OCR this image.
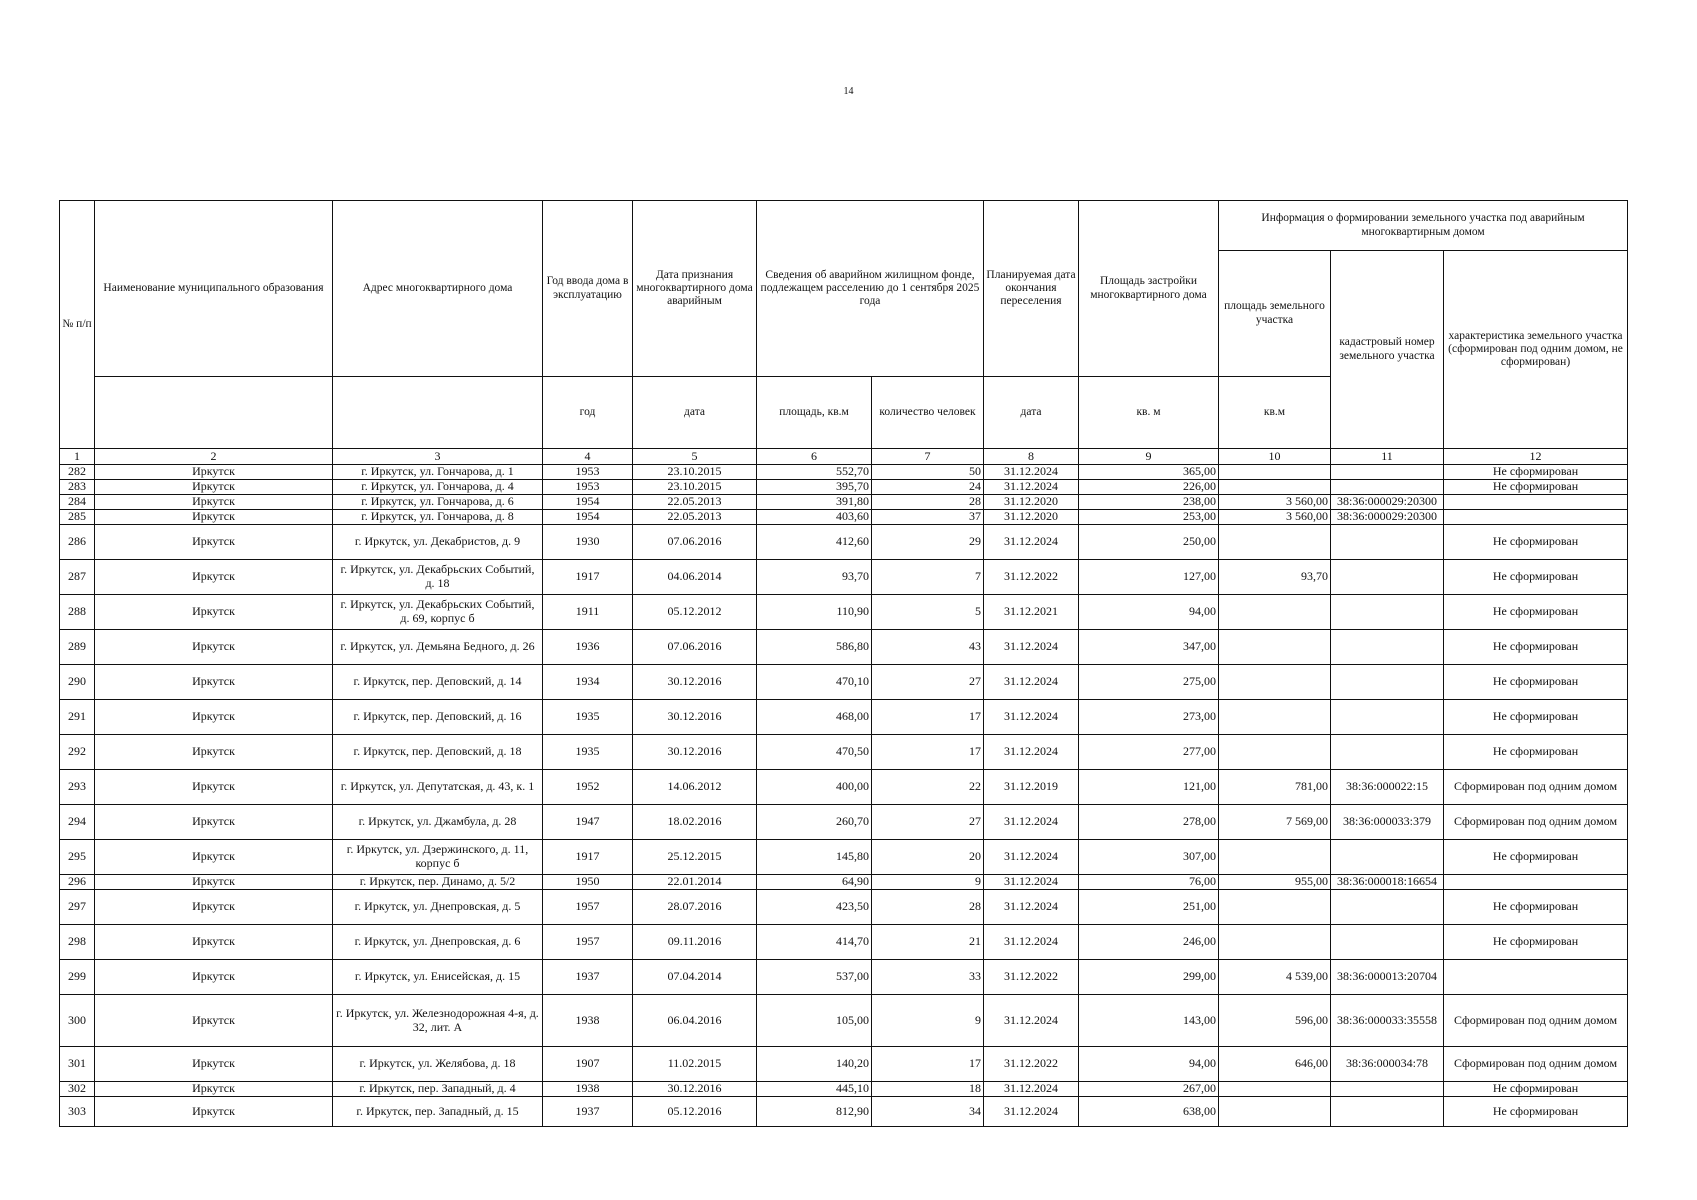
14
№ п/п	Наименование муниципального образования	Адрес многоквартирного дома	Год ввода дома в эксплуатацию	Дата признания многоквартирного дома аварийным	Сведения об аварийном жилищном фонде, подлежащем расселению до 1 сентября 2025 года		Планируемая дата окончания переселения	Площадь застройки многоквартирного дома	Информация о формировании земельного участка под аварийным многоквартирным домом		
									площадь земельного участка	кадастровый номер земельного участка	характеристика земельного участка (сформирован под одним домом, не сформирован)
			год	дата	площадь, кв.м	количество человек	дата	кв. м	кв.м		
1	2	3	4	5	6	7	8	9	10	11	12
282	Иркутск	г. Иркутск, ул. Гончарова, д. 1	1953	23.10.2015	552,70	50	31.12.2024	365,00			Не сформирован
283	Иркутск	г. Иркутск, ул. Гончарова, д. 4	1953	23.10.2015	395,70	24	31.12.2024	226,00			Не сформирован
284	Иркутск	г. Иркутск, ул. Гончарова, д. 6	1954	22.05.2013	391,80	28	31.12.2020	238,00	3 560,00	38:36:000029:20300	
285	Иркутск	г. Иркутск, ул. Гончарова, д. 8	1954	22.05.2013	403,60	37	31.12.2020	253,00	3 560,00	38:36:000029:20300	
286	Иркутск	г. Иркутск, ул. Декабристов, д. 9	1930	07.06.2016	412,60	29	31.12.2024	250,00			Не сформирован
287	Иркутск	г. Иркутск, ул. Декабрьских Событий, д. 18	1917	04.06.2014	93,70	7	31.12.2022	127,00	93,70		Не сформирован
288	Иркутск	г. Иркутск, ул. Декабрьских Событий, д. 69, корпус б	1911	05.12.2012	110,90	5	31.12.2021	94,00			Не сформирован
289	Иркутск	г. Иркутск, ул. Демьяна Бедного, д. 26	1936	07.06.2016	586,80	43	31.12.2024	347,00			Не сформирован
290	Иркутск	г. Иркутск, пер. Деповский, д. 14	1934	30.12.2016	470,10	27	31.12.2024	275,00			Не сформирован
291	Иркутск	г. Иркутск, пер. Деповский, д. 16	1935	30.12.2016	468,00	17	31.12.2024	273,00			Не сформирован
292	Иркутск	г. Иркутск, пер. Деповский, д. 18	1935	30.12.2016	470,50	17	31.12.2024	277,00			Не сформирован
293	Иркутск	г. Иркутск, ул. Депутатская, д. 43, к. 1	1952	14.06.2012	400,00	22	31.12.2019	121,00	781,00	38:36:000022:15	Сформирован под одним домом
294	Иркутск	г. Иркутск, ул. Джамбула, д. 28	1947	18.02.2016	260,70	27	31.12.2024	278,00	7 569,00	38:36:000033:379	Сформирован под одним домом
295	Иркутск	г. Иркутск, ул. Дзержинского, д. 11, корпус б	1917	25.12.2015	145,80	20	31.12.2024	307,00			Не сформирован
296	Иркутск	г. Иркутск, пер. Динамо, д. 5/2	1950	22.01.2014	64,90	9	31.12.2024	76,00	955,00	38:36:000018:16654	
297	Иркутск	г. Иркутск, ул. Днепровская, д. 5	1957	28.07.2016	423,50	28	31.12.2024	251,00			Не сформирован
298	Иркутск	г. Иркутск, ул. Днепровская, д. 6	1957	09.11.2016	414,70	21	31.12.2024	246,00			Не сформирован
299	Иркутск	г. Иркутск, ул. Енисейская, д. 15	1937	07.04.2014	537,00	33	31.12.2022	299,00	4 539,00	38:36:000013:20704	
300	Иркутск	г. Иркутск, ул. Железнодорожная 4-я, д. 32, лит. А	1938	06.04.2016	105,00	9	31.12.2024	143,00	596,00	38:36:000033:35558	Сформирован под одним домом
301	Иркутск	г. Иркутск, ул. Желябова, д. 18	1907	11.02.2015	140,20	17	31.12.2022	94,00	646,00	38:36:000034:78	Сформирован под одним домом
302	Иркутск	г. Иркутск, пер. Западный, д. 4	1938	30.12.2016	445,10	18	31.12.2024	267,00			Не сформирован
303	Иркутск	г. Иркутск, пер. Западный, д. 15	1937	05.12.2016	812,90	34	31.12.2024	638,00			Не сформирован
